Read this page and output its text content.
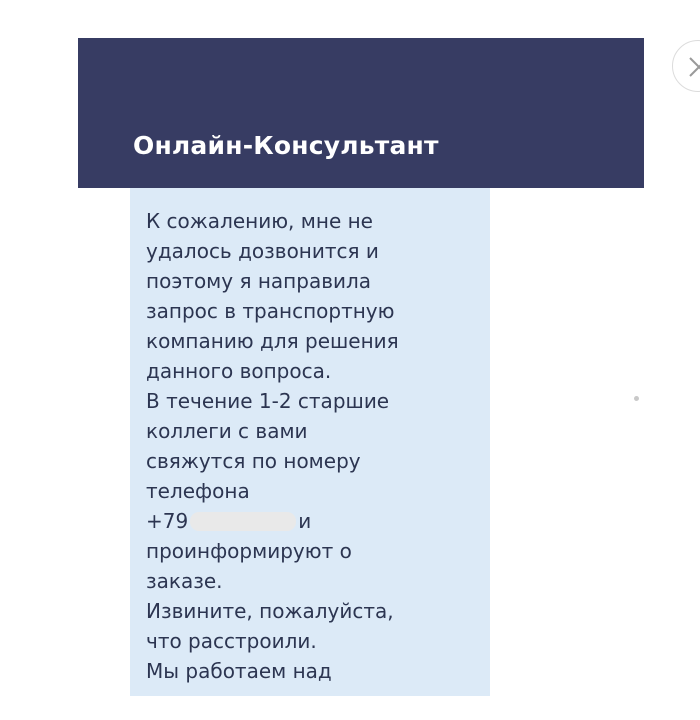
Онлайн-Консультант

К сожалению, мне не

удалось дозвонится и

поэтому я направила

запрос в транспортную

компанию для решения

данного вопроса.

В течение 1-2 старшие

коллеги с вами

свяжутся по номеру

телефона

+79	и

проинформируют о

заказе.

Извините, пожалуйста,

что расстроили.

Мы работаем над
